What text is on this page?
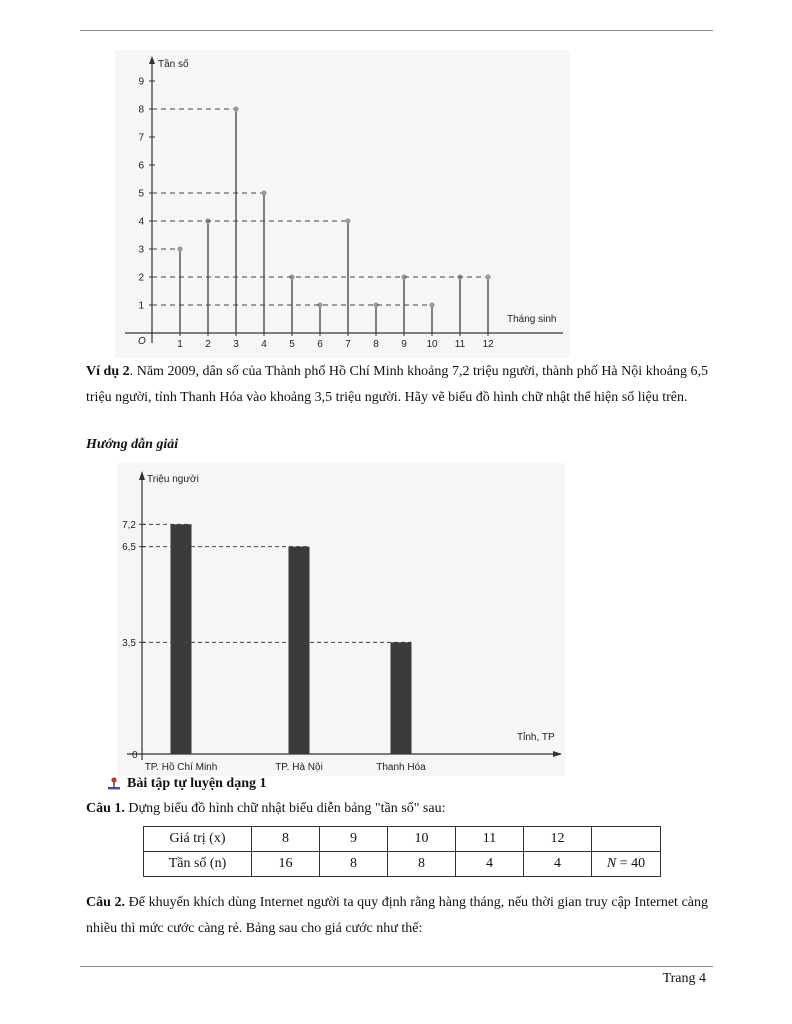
Tần số
Tháng sinh
O
1
2
3
4
5
6
7
8
9
1 2 3 4 5 6 7 8 9 10 11 12
Ví dụ 2. Năm 2009, dân số của Thành phố Hồ Chí Minh khoảng 7,2 triệu người, thành phố Hà Nội khoảng 6,5 triệu người, tỉnh Thanh Hóa vào khoảng 3,5 triệu người. Hãy vẽ biểu đồ hình chữ nhật thể hiện số liệu trên.
Hướng dẫn giải
Triệu người
Tỉnh, TP
0
7,2
TP. Hồ Chí Minh
6,5
TP. Hà Nội
3,5
Thanh Hóa
Bài tập tự luyện dạng 1
Câu 1. Dựng biểu đồ hình chữ nhật biểu diễn bảng "tần số" sau:
Giá trị (x)	8	9	10	11	12	
Tần số (n)	16	8	8	4	4	N = 40
Câu 2. Để khuyến khích dùng Internet người ta quy định rằng hàng tháng, nếu thời gian truy cập Internet càng nhiều thì mức cước càng rẻ. Bảng sau cho giá cước như thế:
Trang 4
